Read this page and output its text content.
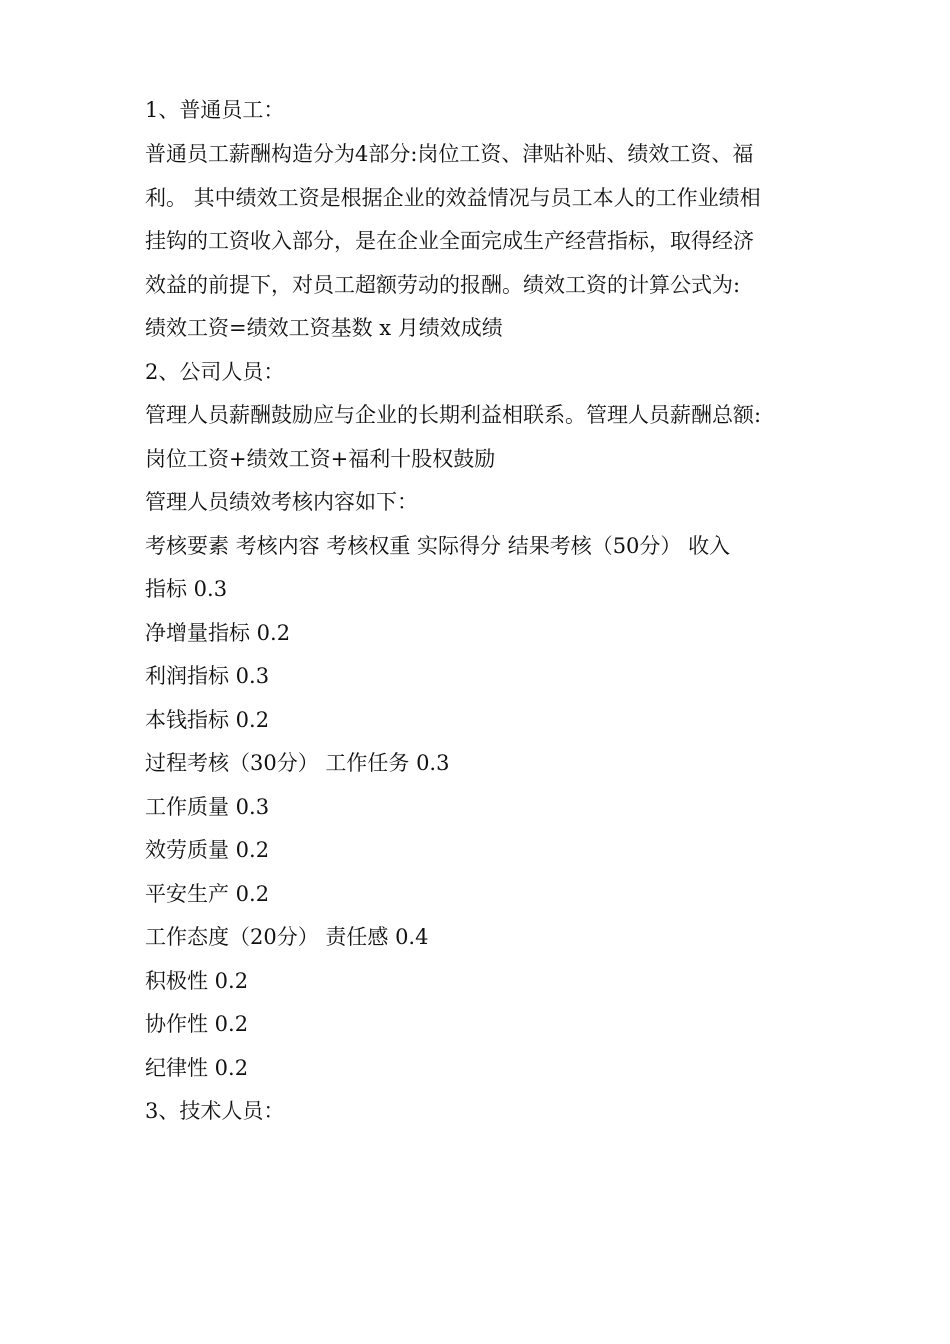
1、普通员工：
普通员工薪酬构造分为4部分:岗位工资、津贴补贴、绩效工资、福
利。 其中绩效工资是根据企业的效益情况与员工本人的工作业绩相
挂钩的工资收入部分，是在企业全面完成生产经营指标，取得经济
效益的前提下，对员工超额劳动的报酬。绩效工资的计算公式为:
绩效工资=绩效工资基数 x 月绩效成绩
2、公司人员：
管理人员薪酬鼓励应与企业的长期利益相联系。管理人员薪酬总额:
岗位工资+绩效工资+福利十股权鼓励
管理人员绩效考核内容如下：
考核要素 考核内容 考核权重 实际得分 结果考核（50分） 收入
指标 0.3
净增量指标 0.2
利润指标 0.3
本钱指标 0.2
过程考核（30分） 工作任务 0.3
工作质量 0.3
效劳质量 0.2
平安生产 0.2
工作态度（20分） 责任感 0.4
积极性 0.2
协作性 0.2
纪律性 0.2
3、技术人员：
